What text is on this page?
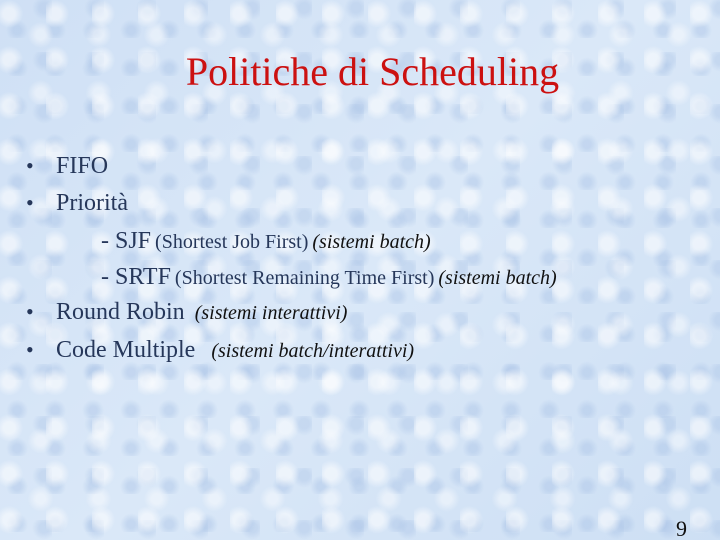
Politiche di Scheduling
• FIFO
• Priorità
- SJF (Shortest Job First) (sistemi batch)
- SRTF (Shortest Remaining Time First) (sistemi batch)
• Round Robin (sistemi interattivi)
• Code Multiple (sistemi batch/interattivi)
9
